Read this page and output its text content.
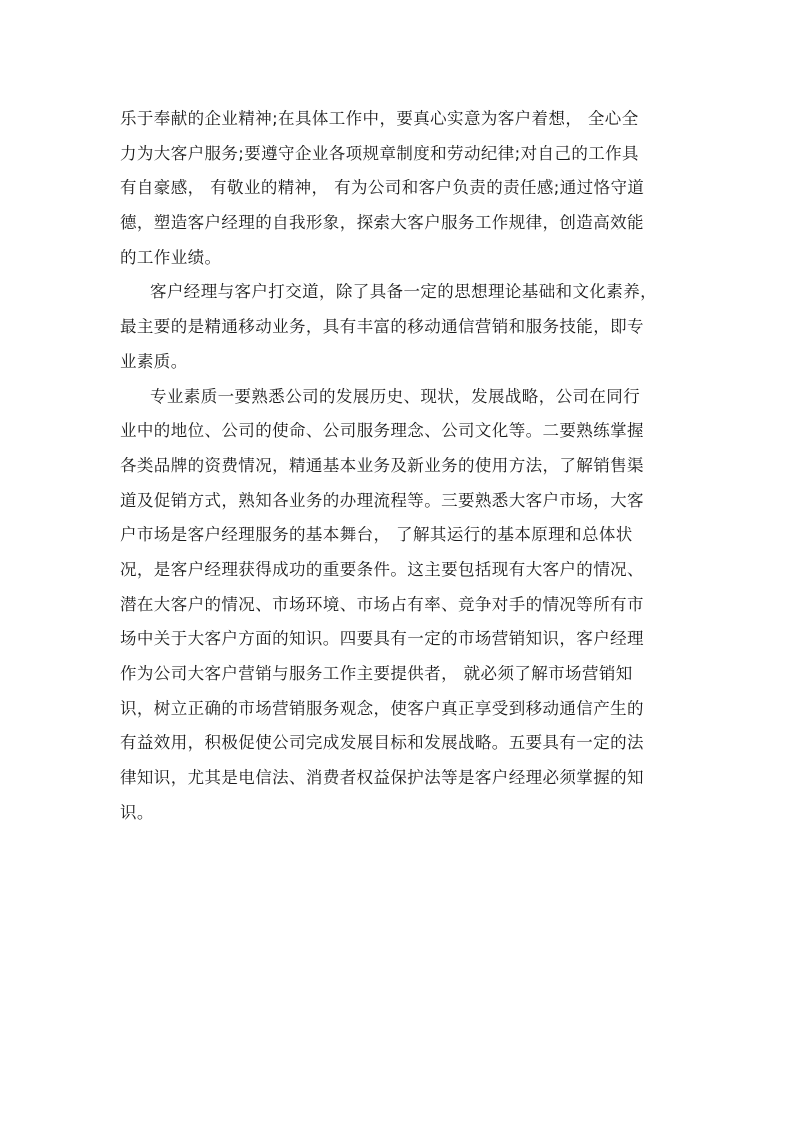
乐于奉献的企业精神;在具体工作中，要真心实意为客户着想， 全心全
力为大客户服务;要遵守企业各项规章制度和劳动纪律;对自己的工作具
有自豪感， 有敬业的精神， 有为公司和客户负责的责任感;通过恪守道
德，塑造客户经理的自我形象，探索大客户服务工作规律，创造高效能
的工作业绩。
客户经理与客户打交道，除了具备一定的思想理论基础和文化素养，
最主要的是精通移动业务，具有丰富的移动通信营销和服务技能，即专
业素质。
专业素质一要熟悉公司的发展历史、现状，发展战略，公司在同行
业中的地位、公司的使命、公司服务理念、公司文化等。二要熟练掌握
各类品牌的资费情况，精通基本业务及新业务的使用方法，了解销售渠
道及促销方式，熟知各业务的办理流程等。三要熟悉大客户市场，大客
户市场是客户经理服务的基本舞台， 了解其运行的基本原理和总体状
况，是客户经理获得成功的重要条件。这主要包括现有大客户的情况、
潜在大客户的情况、市场环境、市场占有率、竞争对手的情况等所有市
场中关于大客户方面的知识。四要具有一定的市场营销知识，客户经理
作为公司大客户营销与服务工作主要提供者， 就必须了解市场营销知
识，树立正确的市场营销服务观念，使客户真正享受到移动通信产生的
有益效用，积极促使公司完成发展目标和发展战略。五要具有一定的法
律知识，尤其是电信法、消费者权益保护法等是客户经理必须掌握的知
识。
